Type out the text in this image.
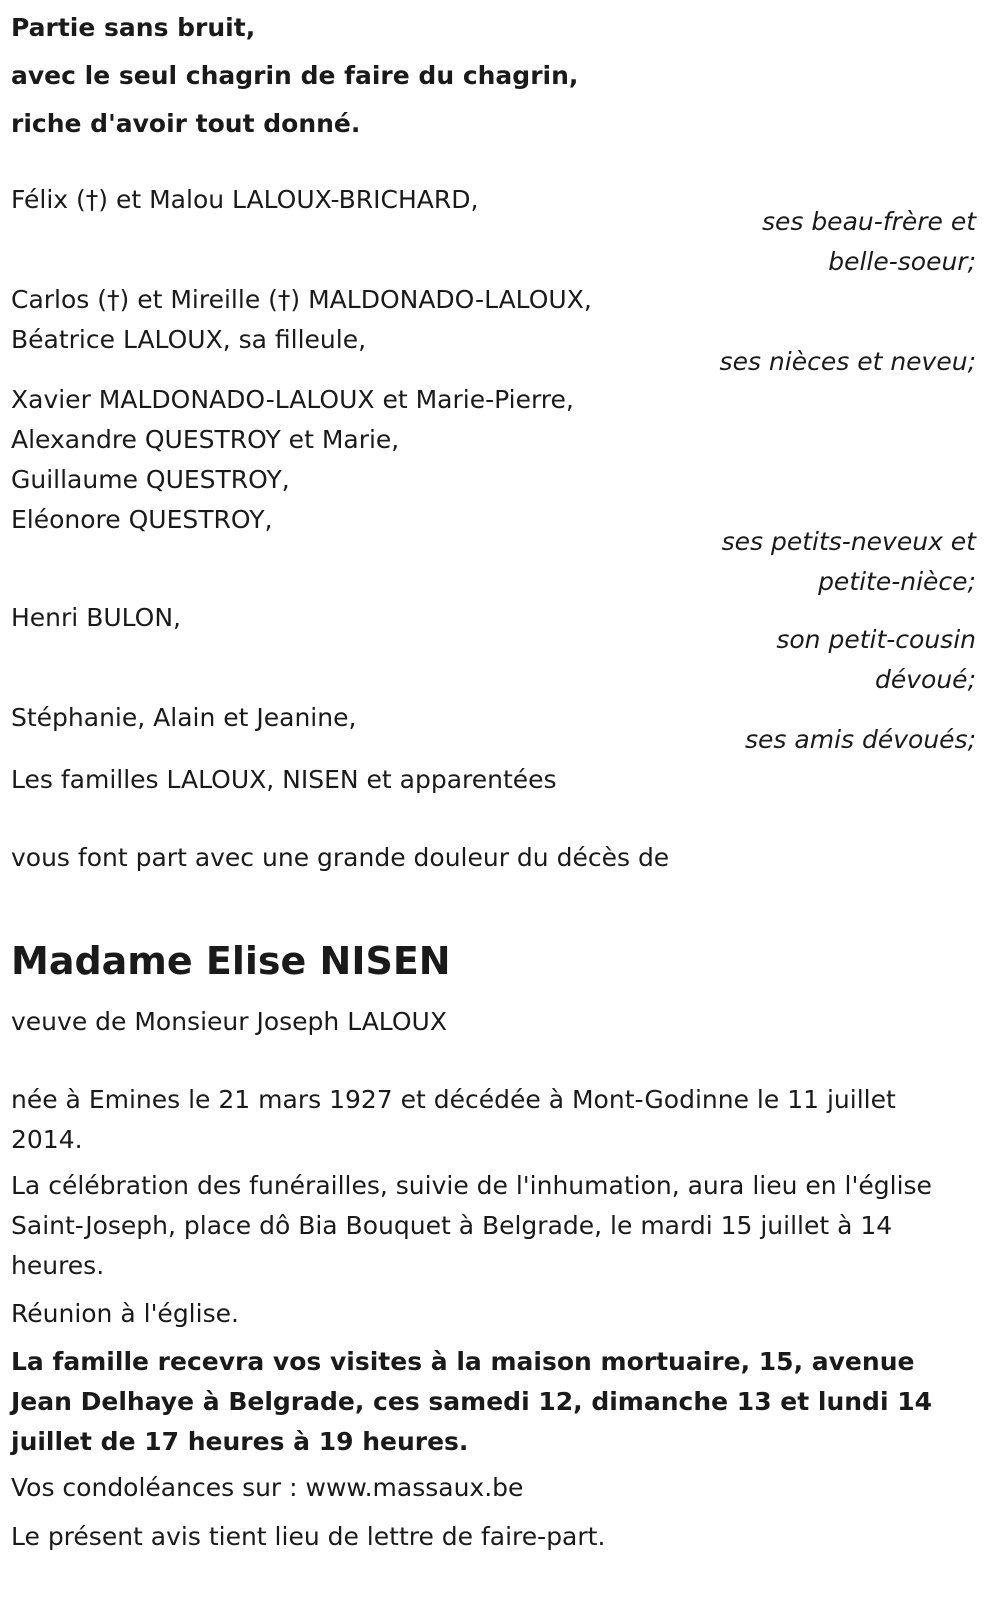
Partie sans bruit,
avec le seul chagrin de faire du chagrin,
riche d'avoir tout donné.
Félix (†) et Malou LALOUX-BRICHARD,
ses beau-frère et
belle-soeur;
Carlos (†) et Mireille (†) MALDONADO-LALOUX,
Béatrice LALOUX, sa filleule,
ses nièces et neveu;
Xavier MALDONADO-LALOUX et Marie-Pierre,
Alexandre QUESTROY et Marie,
Guillaume QUESTROY,
Eléonore QUESTROY,
ses petits-neveux et
petite-nièce;
Henri BULON,
son petit-cousin
dévoué;
Stéphanie, Alain et Jeanine,
ses amis dévoués;
Les familles LALOUX, NISEN et apparentées
vous font part avec une grande douleur du décès de
Madame Elise NISEN
veuve de Monsieur Joseph LALOUX
née à Emines le 21 mars 1927 et décédée à Mont-Godinne le 11 juillet 2014.
La célébration des funérailles, suivie de l'inhumation, aura lieu en l'église Saint-Joseph, place dô Bia Bouquet à Belgrade, le mardi 15 juillet à 14 heures.
Réunion à l'église.
La famille recevra vos visites à la maison mortuaire, 15, avenue Jean Delhaye à Belgrade, ces samedi 12, dimanche 13 et lundi 14 juillet de 17 heures à 19 heures.
Vos condoléances sur : www.massaux.be
Le présent avis tient lieu de lettre de faire-part.
